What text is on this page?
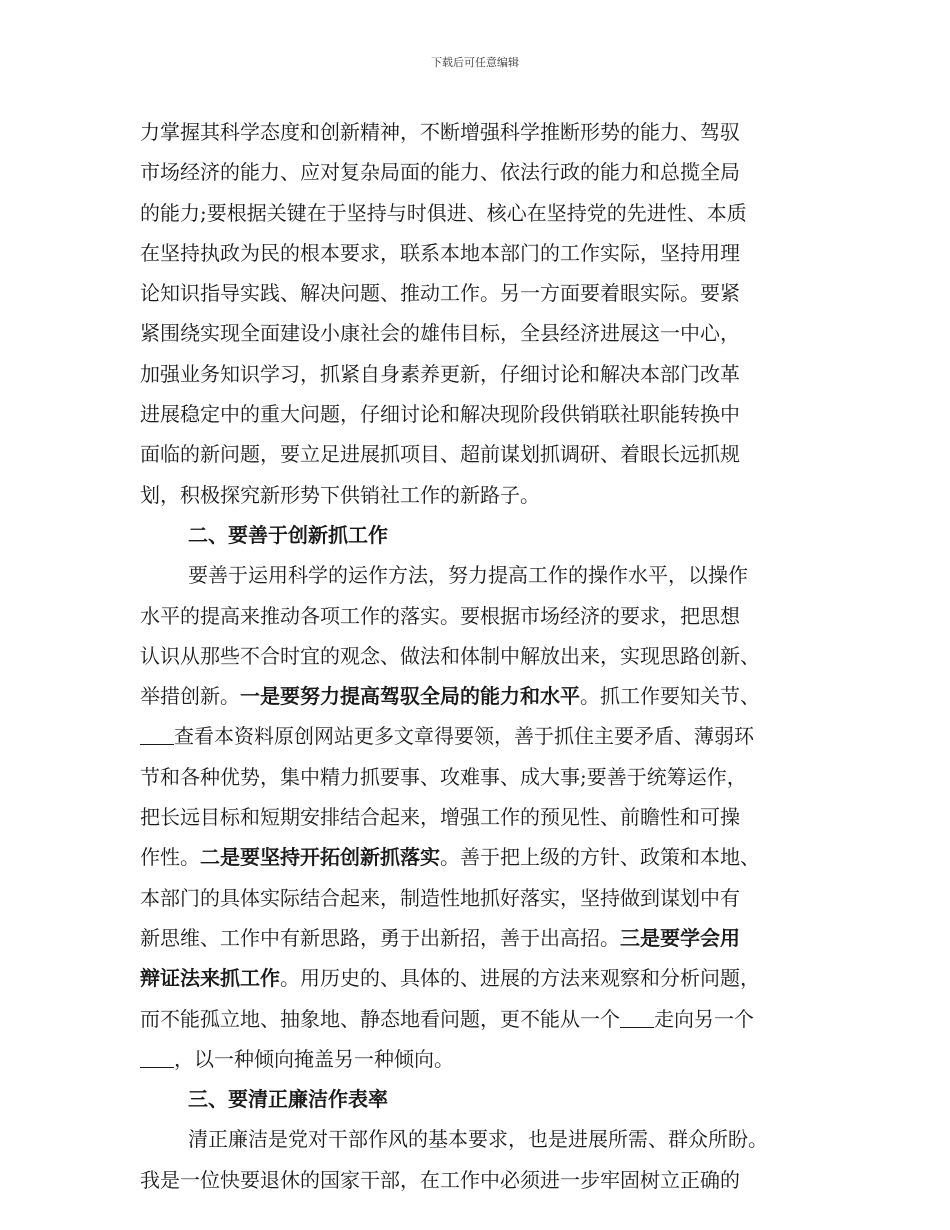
下载后可任意编辑
力掌握其科学态度和创新精神，不断增强科学推断形势的能力、驾驭
市场经济的能力、应对复杂局面的能力、依法行政的能力和总揽全局
的能力;要根据关键在于坚持与时俱进、核心在坚持党的先进性、本质
在坚持执政为民的根本要求，联系本地本部门的工作实际，坚持用理
论知识指导实践、解决问题、推动工作。另一方面要着眼实际。要紧
紧围绕实现全面建设小康社会的雄伟目标，全县经济进展这一中心，
加强业务知识学习，抓紧自身素养更新，仔细讨论和解决本部门改革
进展稳定中的重大问题，仔细讨论和解决现阶段供销联社职能转换中
面临的新问题，要立足进展抓项目、超前谋划抓调研、着眼长远抓规
划，积极探究新形势下供销社工作的新路子。
二、要善于创新抓工作
要善于运用科学的运作方法，努力提高工作的操作水平，以操作
水平的提高来推动各项工作的落实。要根据市场经济的要求，把思想
认识从那些不合时宜的观念、做法和体制中解放出来，实现思路创新、
举措创新。一是要努力提高驾驭全局的能力和水平。抓工作要知关节、
查看本资料原创网站更多文章得要领，善于抓住主要矛盾、薄弱环
节和各种优势，集中精力抓要事、攻难事、成大事;要善于统筹运作，
把长远目标和短期安排结合起来，增强工作的预见性、前瞻性和可操
作性。二是要坚持开拓创新抓落实。善于把上级的方针、政策和本地、
本部门的具体实际结合起来，制造性地抓好落实，坚持做到谋划中有
新思维、工作中有新思路，勇于出新招，善于出高招。三是要学会用
辩证法来抓工作。用历史的、具体的、进展的方法来观察和分析问题，
而不能孤立地、抽象地、静态地看问题，更不能从一个 走向另一个
，以一种倾向掩盖另一种倾向。
三、要清正廉洁作表率
清正廉洁是党对干部作风的基本要求，也是进展所需、群众所盼。
我是一位快要退休的国家干部，在工作中必须进一步牢固树立正确的
